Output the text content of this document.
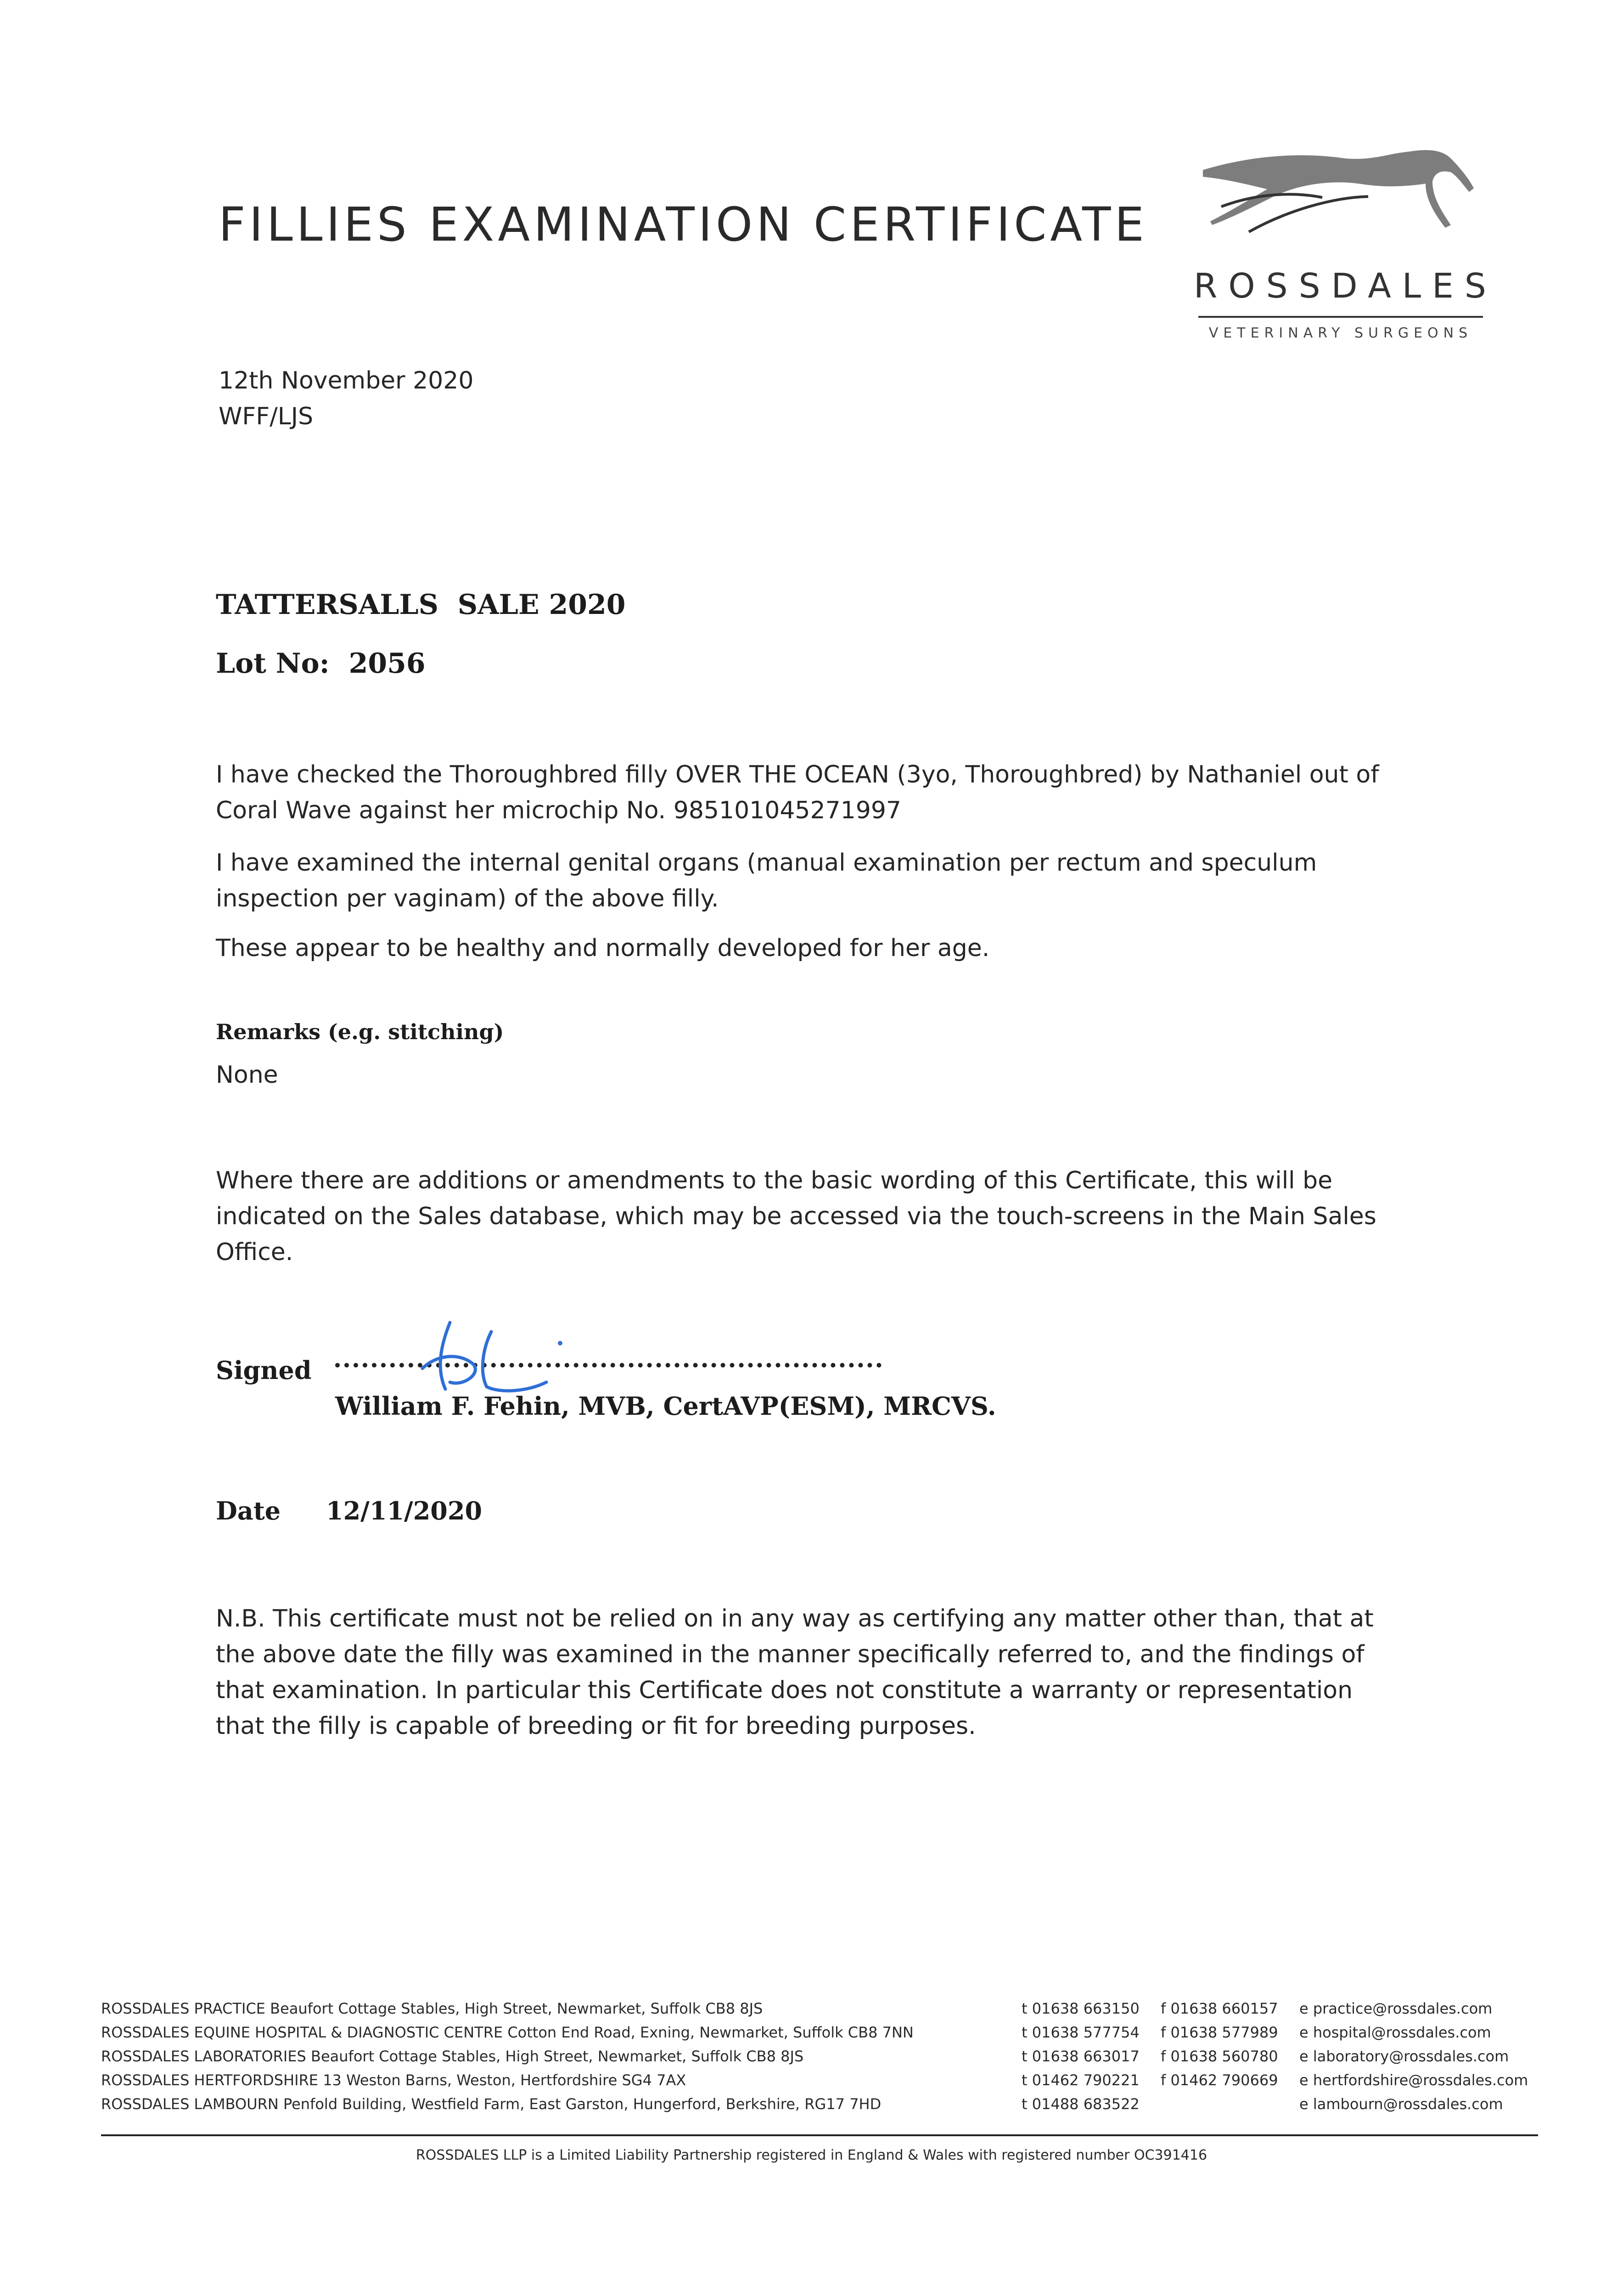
FILLIES EXAMINATION CERTIFICATE
ROSSDALES
VETERINARY SURGEONS
12th November 2020
WFF/LJS
TATTERSALLS  SALE 2020
Lot No: 2056
I have checked the Thoroughbred filly OVER THE OCEAN (3yo, Thoroughbred) by Nathaniel out of Coral Wave against her microchip No. 985101045271997
I have examined the internal genital organs (manual examination per rectum and speculum inspection per vaginam) of the above filly.
These appear to be healthy and normally developed for her age.
Remarks (e.g. stitching)
None
Where there are additions or amendments to the basic wording of this Certificate, this will be indicated on the Sales database, which may be accessed via the touch-screens in the Main Sales Office.
Signed
William F. Fehin, MVB, CertAVP(ESM), MRCVS.
Date 12/11/2020
N.B. This certificate must not be relied on in any way as certifying any matter other than, that at the above date the filly was examined in the manner specifically referred to, and the findings of that examination. In particular this Certificate does not constitute a warranty or representation that the filly is capable of breeding or fit for breeding purposes.
ROSSDALES PRACTICE Beaufort Cottage Stables, High Street, Newmarket, Suffolk CB8 8JS
ROSSDALES EQUINE HOSPITAL & DIAGNOSTIC CENTRE Cotton End Road, Exning, Newmarket, Suffolk CB8 7NN
ROSSDALES LABORATORIES Beaufort Cottage Stables, High Street, Newmarket, Suffolk CB8 8JS
ROSSDALES HERTFORDSHIRE 13 Weston Barns, Weston, Hertfordshire SG4 7AX
ROSSDALES LAMBOURN Penfold Building, Westfield Farm, East Garston, Hungerford, Berkshire, RG17 7HD
t 01638 663150
t 01638 577754
t 01638 663017
t 01462 790221
t 01488 683522
f 01638 660157
f 01638 577989
f 01638 560780
f 01462 790669
e practice@rossdales.com
e hospital@rossdales.com
e laboratory@rossdales.com
e hertfordshire@rossdales.com
e lambourn@rossdales.com
ROSSDALES LLP is a Limited Liability Partnership registered in England & Wales with registered number OC391416
